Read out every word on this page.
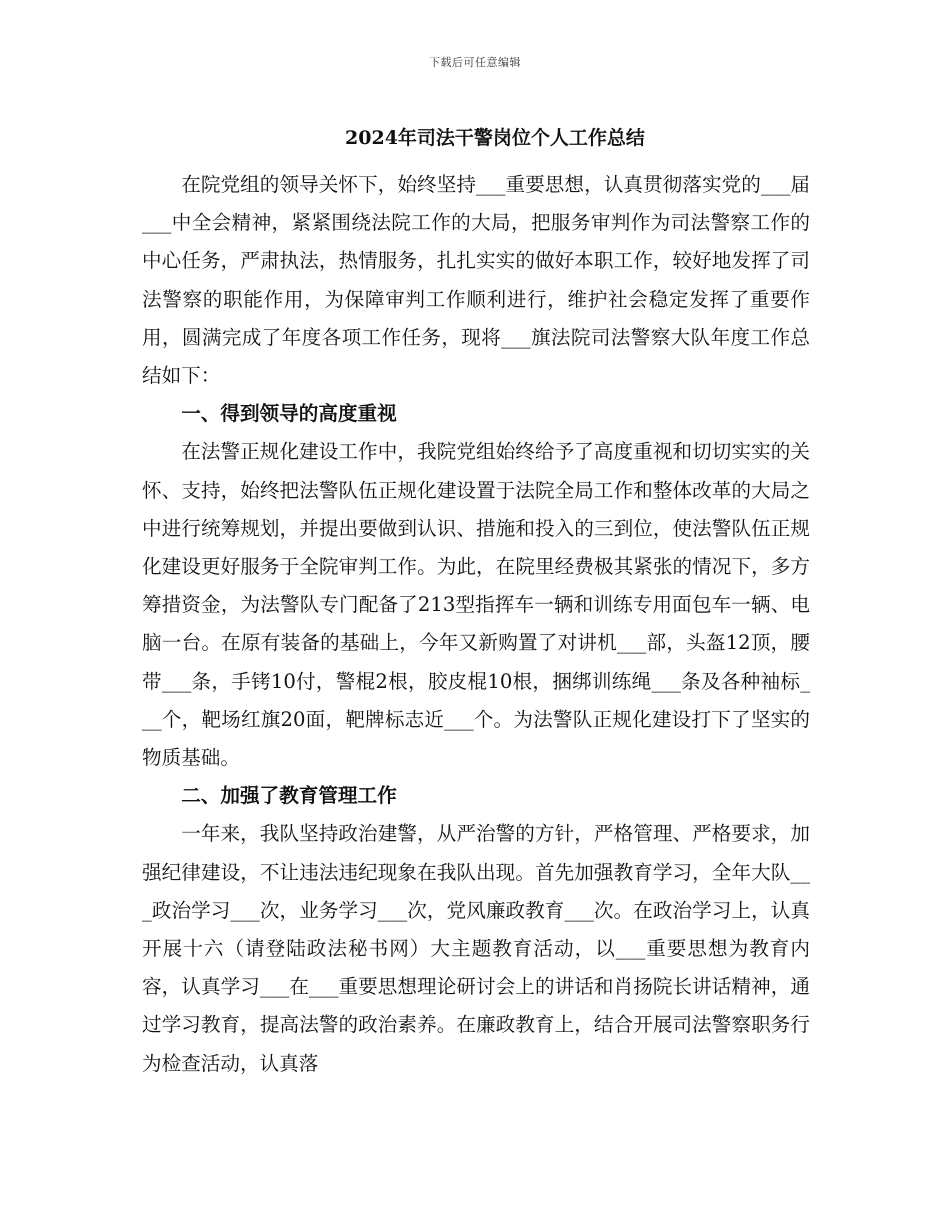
下载后可任意编辑
2024年司法干警岗位个人工作总结

在院党组的领导关怀下，始终坚持___重要思想，认真贯彻落实党的___届___中全会精神，紧紧围绕法院工作的大局，把服务审判作为司法警察工作的中心任务，严肃执法，热情服务，扎扎实实的做好本职工作，较好地发挥了司法警察的职能作用，为保障审判工作顺利进行，维护社会稳定发挥了重要作用，圆满完成了年度各项工作任务，现将___旗法院司法警察大队年度工作总结如下：

一、得到领导的高度重视

在法警正规化建设工作中，我院党组始终给予了高度重视和切切实实的关怀、支持，始终把法警队伍正规化建设置于法院全局工作和整体改革的大局之中进行统筹规划，并提出要做到认识、措施和投入的三到位，使法警队伍正规化建设更好服务于全院审判工作。为此，在院里经费极其紧张的情况下，多方筹措资金，为法警队专门配备了213型指挥车一辆和训练专用面包车一辆、电脑一台。在原有装备的基础上，今年又新购置了对讲机___部，头盔12顶，腰带___条，手铐10付，警棍2根，胶皮棍10根，捆绑训练绳___条及各种袖标___个，靶场红旗20面，靶牌标志近___个。为法警队正规化建设打下了坚实的物质基础。

二、加强了教育管理工作

一年来，我队坚持政治建警，从严治警的方针，严格管理、严格要求，加强纪律建设，不让违法违纪现象在我队出现。首先加强教育学习，全年大队___政治学习___次，业务学习___次，党风廉政教育___次。在政治学习上，认真开展十六（请登陆政法秘书网）大主题教育活动，以___重要思想为教育内容，认真学习___在___重要思想理论研讨会上的讲话和肖扬院长讲话精神，通过学习教育，提高法警的政治素养。在廉政教育上，结合开展司法警察职务行为检查活动，认真落
